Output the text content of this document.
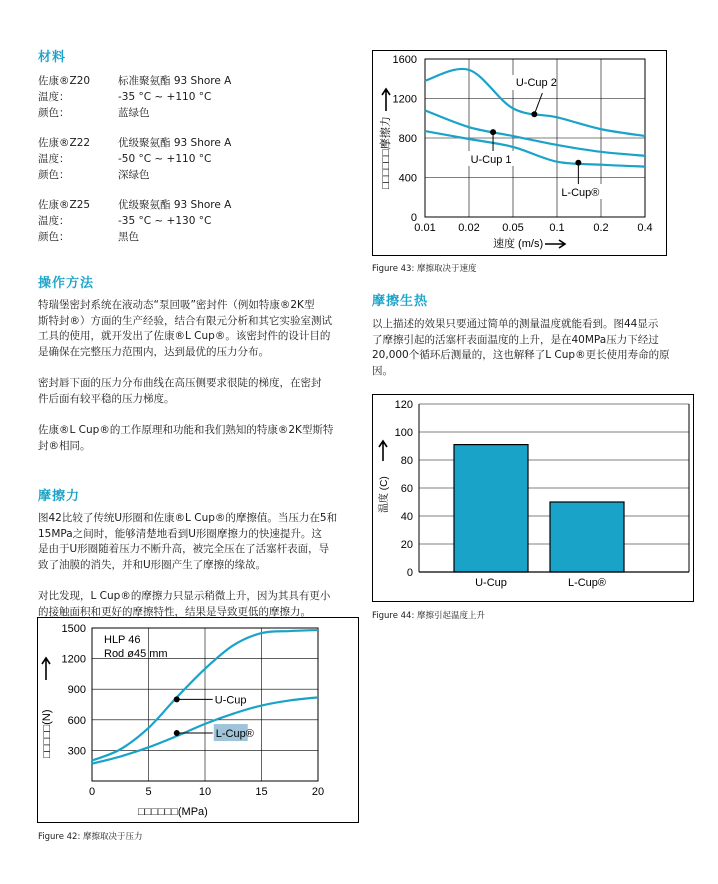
材料
佐康®Z20	标准聚氨酯 93 Shore A
温度：	-35 °C ~ +110 °C
颜色：	蓝绿色
佐康®Z22	优级聚氨酯 93 Shore A
温度：	-50 °C ~ +110 °C
颜色：	深绿色
佐康®Z25	优级聚氨酯 93 Shore A
温度：	-35 °C ~ +130 °C
颜色：	黑色
操作方法
特瑞堡密封系统在液动态“泵回吸”密封件（例如特康®2K型
斯特封®）方面的生产经验，结合有限元分析和其它实验室测试
工具的使用，就开发出了佐康®L Cup®。该密封件的设计目的
是确保在完整压力范围内，达到最优的压力分布。
密封唇下面的压力分布曲线在高压侧要求很陡的梯度，在密封
件后面有较平稳的压力梯度。
佐康®L Cup®的工作原理和功能和我们熟知的特康®2K型斯特
封®相同。
摩擦力
图42比较了传统U形圈和佐康®L Cup®的摩擦值。当压力在5和
15MPa之间时，能够清楚地看到U形圈摩擦力的快速提升。这
是由于U形圈随着压力不断升高，被完全压在了活塞杆表面，导
致了油膜的消失，并和U形圈产生了摩擦的缘故。
对比发现，L Cup®的摩擦力只显示稍微上升，因为其具有更小
的接触面积和更好的摩擦特性，结果是导致更低的摩擦力。
0	5	10	15	20
300
600
900
1200
1500
HLP 46
Rod ø45 mm
U-Cup
L-Cup®
□□□□□□(MPa)
□□□□□(N)
Figure 42: 摩擦取决于压力
0.01 0.02 0.05 0.1	0.2	0.4
0
400
800
1200
1600
U-Cup 2
U-Cup 1
L-Cup®
速度 (m/s)
□□□□□□摩擦力
Figure 43: 摩擦取决于速度
摩擦生热
以上描述的效果只要通过简单的测量温度就能看到。图44显示
了摩擦引起的活塞杆表面温度的上升，是在40MPa压力下经过
20,000个循环后测量的，这也解释了L Cup®更长使用寿命的原
因。
0
20
40
60
80
100
120
U-Cup	L-Cup®
温度 (C)
Figure 44: 摩擦引起温度上升
